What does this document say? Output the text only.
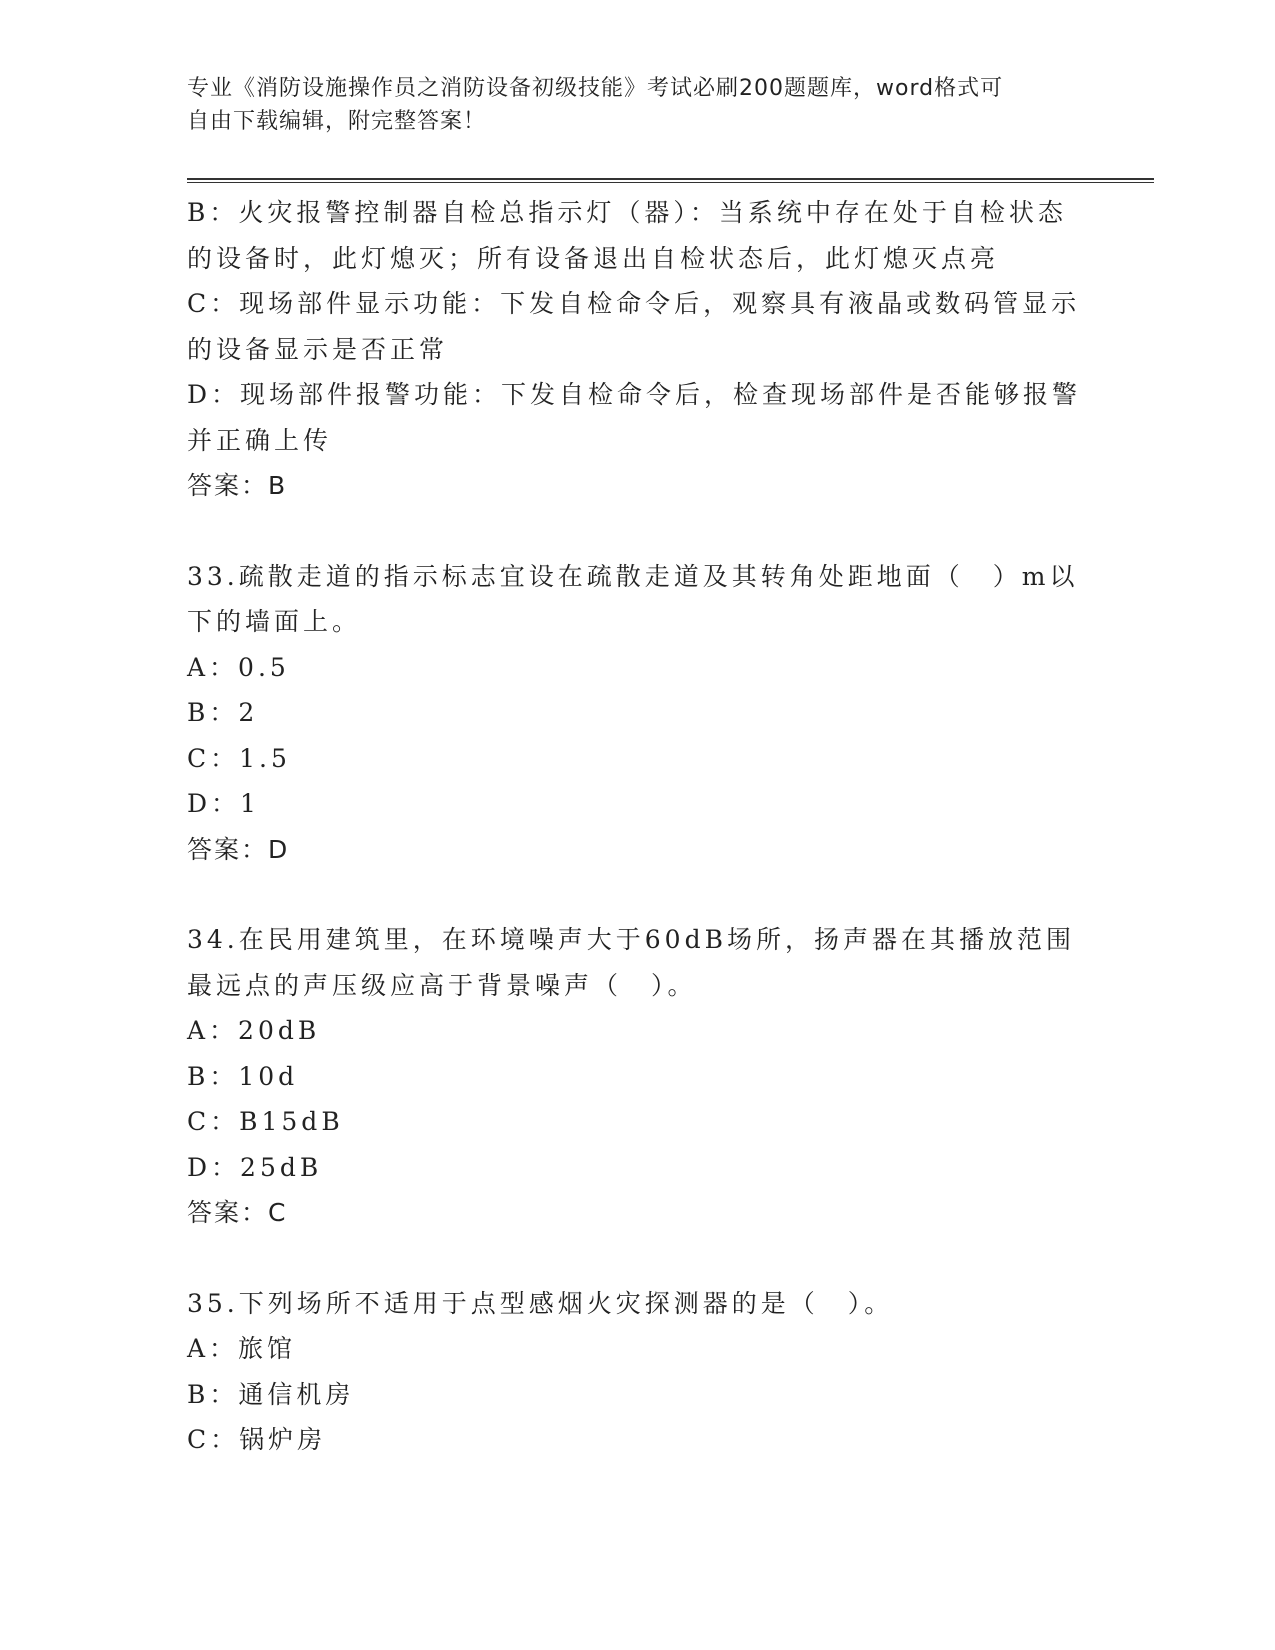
专业《消防设施操作员之消防设备初级技能》考试必刷200题题库，word格式可
自由下载编辑，附完整答案！
B：火灾报警控制器自检总指示灯（器）：当系统中存在处于自检状态
的设备时，此灯熄灭；所有设备退出自检状态后，此灯熄灭点亮
C：现场部件显示功能：下发自检命令后，观察具有液晶或数码管显示
的设备显示是否正常
D：现场部件报警功能：下发自检命令后，检查现场部件是否能够报警
并正确上传
答案：B
33.疏散走道的指示标志宜设在疏散走道及其转角处距地面（　）m以
下的墙面上。
A：0.5
B：2
C：1.5
D：1
答案：D
34.在民用建筑里，在环境噪声大于60dB场所，扬声器在其播放范围
最远点的声压级应高于背景噪声（　）。
A：20dB
B：10d
C：B15dB
D：25dB
答案：C
35.下列场所不适用于点型感烟火灾探测器的是（　）。
A：旅馆
B：通信机房
C：锅炉房
